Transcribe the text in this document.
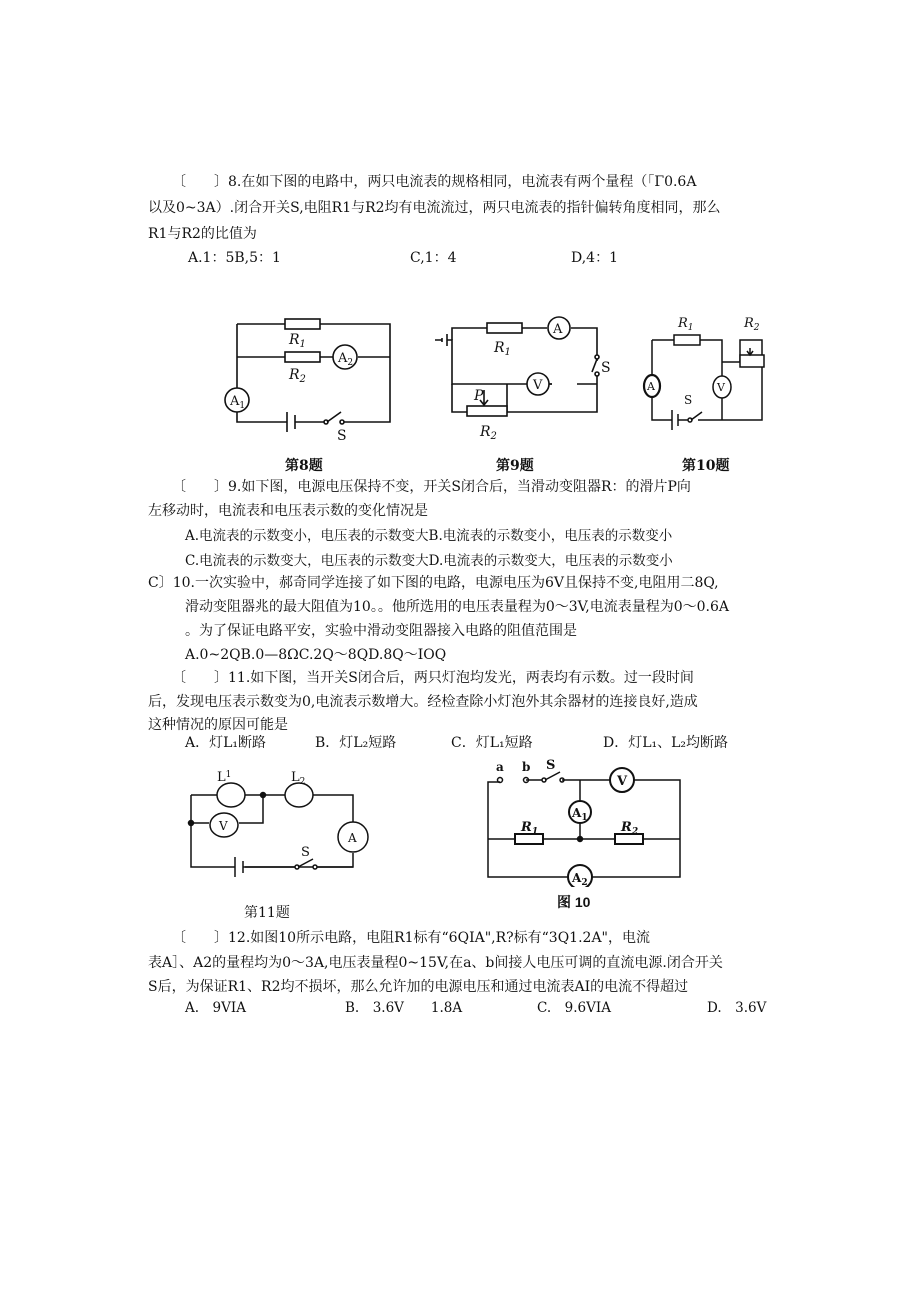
〔　　〕8.在如下图的电路中，两只电流表的规格相同，电流表有两个量程（「Γ0.6A
以及0~3A）.闭合开关S,电阻R1与R2均有电流流过，两只电流表的指针偏转角度相同，那么
R1与R2的比值为
A.1：5B,5：1	C,1：4	D,4：1
$R_1$
$R_2$
$A_2$
$A_1$
S
第8题
$R_1$
A
V
P
S
$R_2$
第9题
$R_1$	$R_2$
A	V
S
第10题
〔　　〕9.如下图，电源电压保持不变，开关S闭合后，当滑动变阻器R：的滑片P向
左移动时，电流表和电压表示数的变化情况是
A.电流表的示数变小，电压表的示数变大B.电流表的示数变小，电压表的示数变小
C.电流表的示数变大，电压表的示数变大D.电流表的示数变大，电压表的示数变小
C〕10.一次实验中，郝奇同学连接了如下图的电路，电源电压为6V且保持不变,电阻用二8Q,
滑动变阻器兆的最大阻值为10。。他所选用的电压表量程为0～3V,电流表量程为0～0.6A
。为了保证电路平安，实验中滑动变阻器接入电路的阻值范围是
A.0~2QB.0—8ΩC.2Q～8QD.8Q～IOQ
〔　　〕11.如下图，当开关S闭合后，两只灯泡均发光，两表均有示数。过一段时间
后，发现电压表示数变为0,电流表示数增大。经检查除小灯泡外其余器材的连接良好,造成
这种情况的原因可能是
A．灯L₁断路	B．灯L₂短路	C．灯L₁短路	D．灯L₁、L₂均断路
$L^1$	$L_2$
V
A
S
第11题
a b S
V
$A_1$
$R_1$	$R_2$
$A_2$
图 10
〔　　〕12.如图10所示电路，电阻R1标有“6QIA",R?标有“3Q1.2A"，电流
表A］、A2的量程均为0～3A,电压表量程0~15V,在a、b间接人电压可调的直流电源.闭合开关
S后，为保证R1、R2均不损坏，那么允许加的电源电压和通过电流表AI的电流不得超过
A.　9VIA	B.　3.6V　　1.8A	C.　9.6VIA	D.　3.6V
